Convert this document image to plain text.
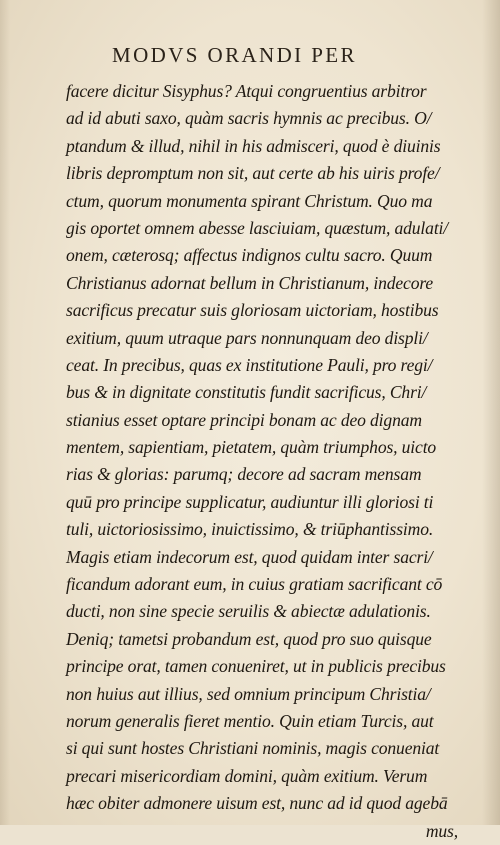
MODVS ORANDI PER
facere dicitur Sisyphus? Atqui congruentius arbitror
ad id abuti saxo, quàm sacris hymnis ac precibus. O/
ptandum & illud, nihil in his admisceri, quod è diuinis
libris depromptum non sit, aut certe ab his uiris profe/
ctum, quorum monumenta spirant Christum. Quo ma
gis oportet omnem abesse lasciuiam, quæstum, adulati/
onem, cæterosq; affectus indignos cultu sacro. Quum
Christianus adornat bellum in Christianum, indecore
sacrificus precatur suis gloriosam uictoriam, hostibus
exitium, quum utraque pars nonnunquam deo displi/
ceat. In precibus, quas ex institutione Pauli, pro regi/
bus & in dignitate constitutis fundit sacrificus, Chri/
stianius esset optare principi bonam ac deo dignam
mentem, sapientiam, pietatem, quàm triumphos, uicto
rias & glorias: parumq; decore ad sacram mensam
quū pro principe supplicatur, audiuntur illi gloriosi ti
tuli, uictoriosissimo, inuictissimo, & triūphantissimo.
Magis etiam indecorum est, quod quidam inter sacri/
ficandum adorant eum, in cuius gratiam sacrificant cō
ducti, non sine specie seruilis & abiectæ adulationis.
Deniq; tametsi probandum est, quod pro suo quisque
principe orat, tamen conueniret, ut in publicis precibus
non huius aut illius, sed omnium principum Christia/
norum generalis fieret mentio. Quin etiam Turcis, aut
si qui sunt hostes Christiani nominis, magis conueniat
precari misericordiam domini, quàm exitium. Verum
hæc obiter admonere uisum est, nunc ad id quod agebā
mus,
